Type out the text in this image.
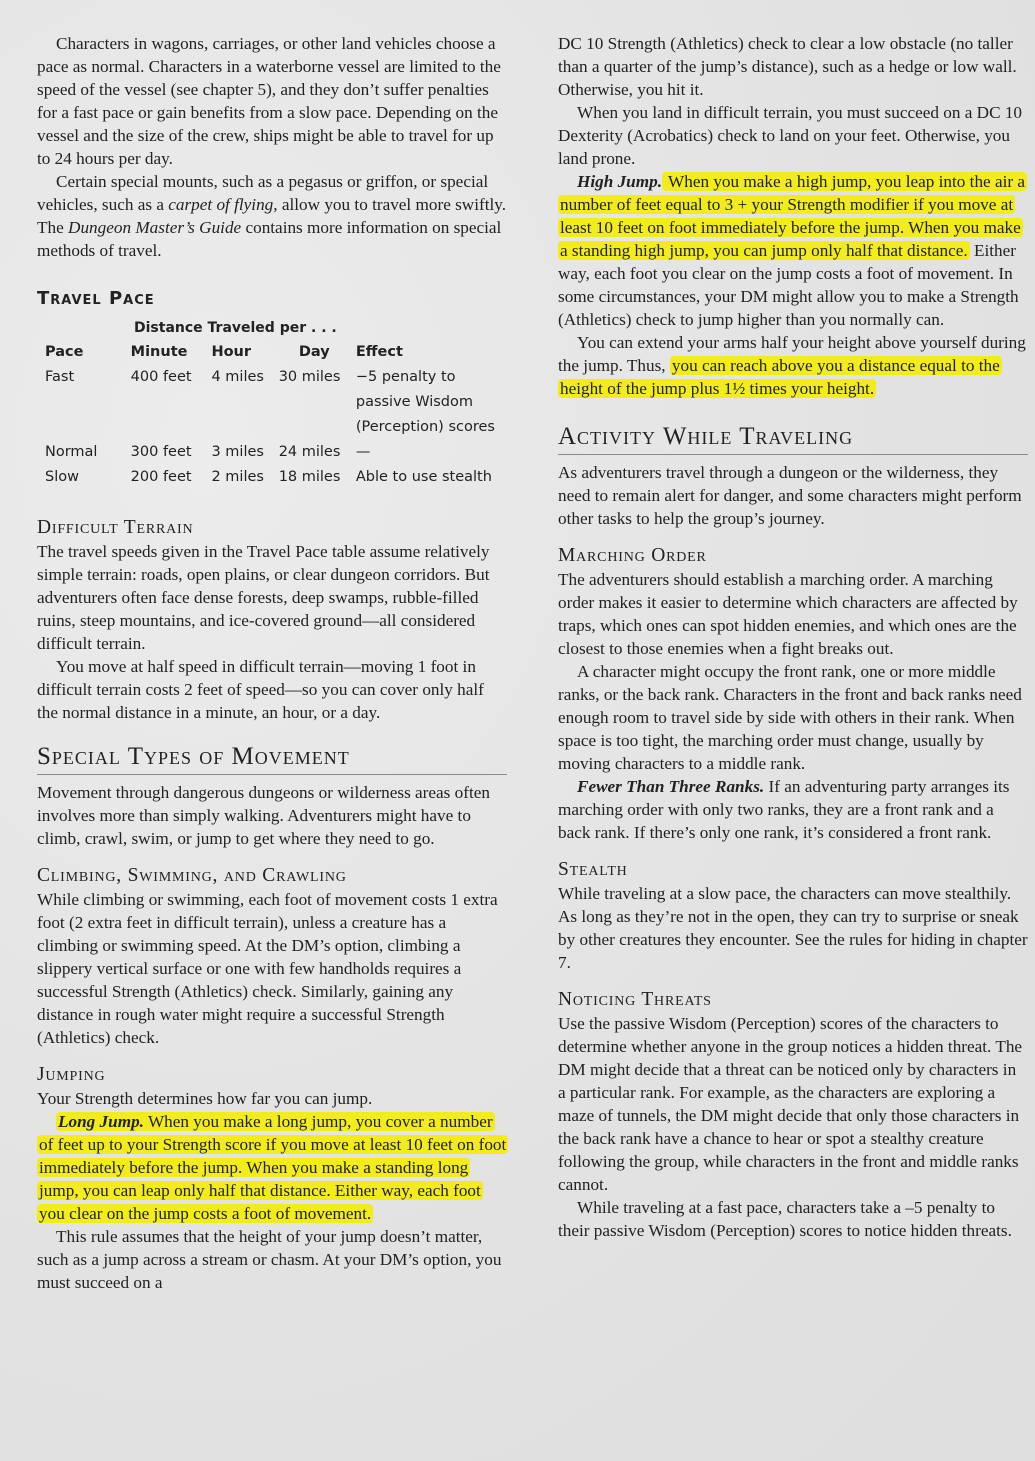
Characters in wagons, carriages, or other land vehicles choose a pace as normal. Characters in a waterborne vessel are limited to the speed of the vessel (see chapter 5), and they don’t suffer penalties for a fast pace or gain benefits from a slow pace. Depending on the vessel and the size of the crew, ships might be able to travel for up to 24 hours per day.

Certain special mounts, such as a pegasus or griffon, or special vehicles, such as a carpet of flying, allow you to travel more swiftly. The Dungeon Master’s Guide contains more information on special methods of travel.

Travel Pace
Distance Traveled per . . .
Pace	Minute	Hour	Day	Effect
Fast	400 feet	4 miles	30 miles	−5 penalty to passive Wisdom (Perception) scores
Normal	300 feet	3 miles	24 miles	—
Slow	200 feet	2 miles	18 miles	Able to use stealth
Difficult Terrain

The travel speeds given in the Travel Pace table assume relatively simple terrain: roads, open plains, or clear dungeon corridors. But adventurers often face dense forests, deep swamps, rubble-filled ruins, steep mountains, and ice-covered ground—all considered difficult terrain.

You move at half speed in difficult terrain—moving 1 foot in difficult terrain costs 2 feet of speed—so you can cover only half the normal distance in a minute, an hour, or a day.

Special Types of Movement

Movement through dangerous dungeons or wilderness areas often involves more than simply walking. Adventurers might have to climb, crawl, swim, or jump to get where they need to go.

Climbing, Swimming, and Crawling

While climbing or swimming, each foot of movement costs 1 extra foot (2 extra feet in difficult terrain), unless a creature has a climbing or swimming speed. At the DM’s option, climbing a slippery vertical surface or one with few handholds requires a successful Strength (Athletics) check. Similarly, gaining any distance in rough water might require a successful Strength (Athletics) check.

Jumping

Your Strength determines how far you can jump.

Long Jump. When you make a long jump, you cover a number of feet up to your Strength score if you move at least 10 feet on foot immediately before the jump. When you make a standing long jump, you can leap only half that distance. Either way, each foot you clear on the jump costs a foot of movement.

This rule assumes that the height of your jump doesn’t matter, such as a jump across a stream or chasm. At your DM’s option, you must succeed on a

DC 10 Strength (Athletics) check to clear a low obstacle (no taller than a quarter of the jump’s distance), such as a hedge or low wall. Otherwise, you hit it.

When you land in difficult terrain, you must succeed on a DC 10 Dexterity (Acrobatics) check to land on your feet. Otherwise, you land prone.

High Jump. When you make a high jump, you leap into the air a number of feet equal to 3 + your Strength modifier if you move at least 10 feet on foot immediately before the jump. When you make a standing high jump, you can jump only half that distance. Either way, each foot you clear on the jump costs a foot of movement. In some circumstances, your DM might allow you to make a Strength (Athletics) check to jump higher than you normally can.

You can extend your arms half your height above yourself during the jump. Thus, you can reach above you a distance equal to the height of the jump plus 1½ times your height.

Activity While Traveling

As adventurers travel through a dungeon or the wilderness, they need to remain alert for danger, and some characters might perform other tasks to help the group’s journey.

Marching Order

The adventurers should establish a marching order. A marching order makes it easier to determine which characters are affected by traps, which ones can spot hidden enemies, and which ones are the closest to those enemies when a fight breaks out.

A character might occupy the front rank, one or more middle ranks, or the back rank. Characters in the front and back ranks need enough room to travel side by side with others in their rank. When space is too tight, the marching order must change, usually by moving characters to a middle rank.

Fewer Than Three Ranks. If an adventuring party arranges its marching order with only two ranks, they are a front rank and a back rank. If there’s only one rank, it’s considered a front rank.

Stealth

While traveling at a slow pace, the characters can move stealthily. As long as they’re not in the open, they can try to surprise or sneak by other creatures they encounter. See the rules for hiding in chapter 7.

Noticing Threats

Use the passive Wisdom (Perception) scores of the characters to determine whether anyone in the group notices a hidden threat. The DM might decide that a threat can be noticed only by characters in a particular rank. For example, as the characters are exploring a maze of tunnels, the DM might decide that only those characters in the back rank have a chance to hear or spot a stealthy creature following the group, while characters in the front and middle ranks cannot.

While traveling at a fast pace, characters take a –5 penalty to their passive Wisdom (Perception) scores to notice hidden threats.
